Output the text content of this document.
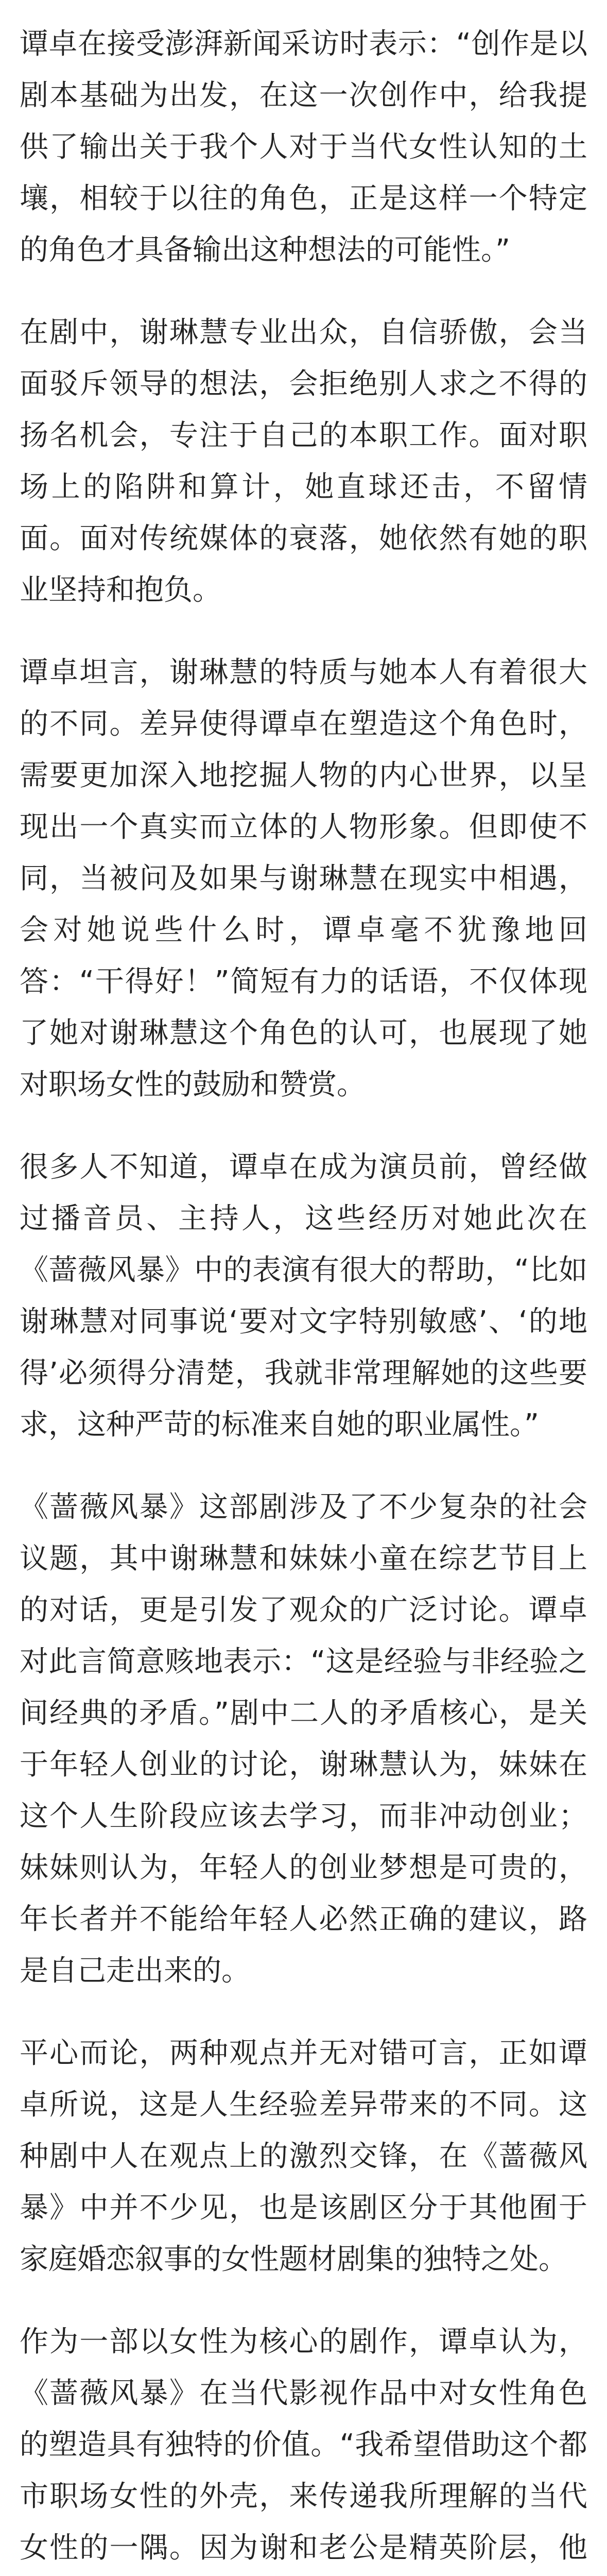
谭卓在接受澎湃新闻采访时表示：“创作是以剧本基础为出发，在这一次创作中，给我提供了输出关于我个人对于当代女性认知的土壤，相较于以往的角色，正是这样一个特定的角色才具备输出这种想法的可能性。”

在剧中，谢琳慧专业出众，自信骄傲，会当面驳斥领导的想法，会拒绝别人求之不得的扬名机会，专注于自己的本职工作。面对职场上的陷阱和算计，她直球还击，不留情面。面对传统媒体的衰落，她依然有她的职业坚持和抱负。

谭卓坦言，谢琳慧的特质与她本人有着很大的不同。差异使得谭卓在塑造这个角色时，需要更加深入地挖掘人物的内心世界，以呈现出一个真实而立体的人物形象。但即使不同，当被问及如果与谢琳慧在现实中相遇，会对她说些什么时，谭卓毫不犹豫地回答：“干得好！”简短有力的话语，不仅体现了她对谢琳慧这个角色的认可，也展现了她对职场女性的鼓励和赞赏。

很多人不知道，谭卓在成为演员前，曾经做过播音员、主持人，这些经历对她此次在《蔷薇风暴》中的表演有很大的帮助，“比如谢琳慧对同事说‘要对文字特别敏感’、‘的地得’必须得分清楚，我就非常理解她的这些要求，这种严苛的标准来自她的职业属性。”

《蔷薇风暴》这部剧涉及了不少复杂的社会议题，其中谢琳慧和妹妹小童在综艺节目上的对话，更是引发了观众的广泛讨论。谭卓对此言简意赅地表示：“这是经验与非经验之间经典的矛盾。”剧中二人的矛盾核心，是关于年轻人创业的讨论，谢琳慧认为，妹妹在这个人生阶段应该去学习，而非冲动创业；妹妹则认为，年轻人的创业梦想是可贵的，年长者并不能给年轻人必然正确的建议，路是自己走出来的。

平心而论，两种观点并无对错可言，正如谭卓所说，这是人生经验差异带来的不同。这种剧中人在观点上的激烈交锋，在《蔷薇风暴》中并不少见，也是该剧区分于其他囿于家庭婚恋叙事的女性题材剧集的独特之处。

作为一部以女性为核心的剧作，谭卓认为，《蔷薇风暴》在当代影视作品中对女性角色的塑造具有独特的价值。“我希望借助这个都市职场女性的外壳，来传递我所理解的当代女性的一隅。因为谢和老公是精英阶层，他
